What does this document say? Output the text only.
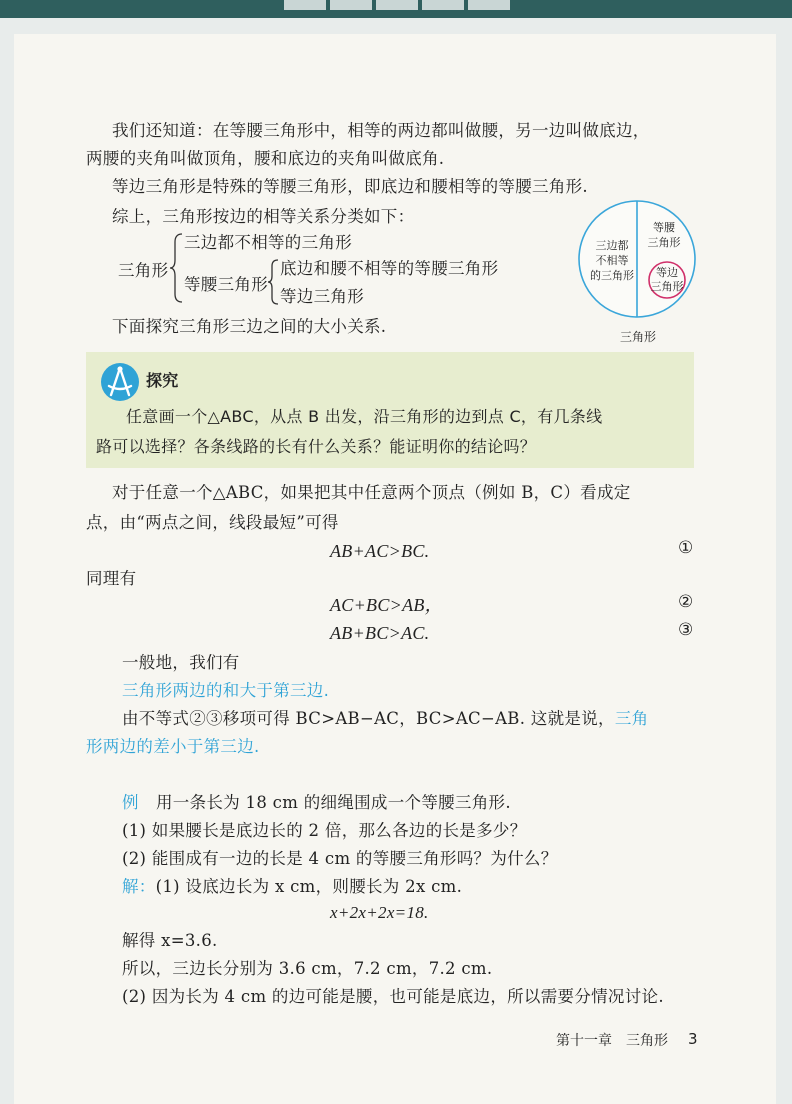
我们还知道：在等腰三角形中，相等的两边都叫做腰，另一边叫做底边，
两腰的夹角叫做顶角，腰和底边的夹角叫做底角.
等边三角形是特殊的等腰三角形，即底边和腰相等的等腰三角形.
综上，三角形按边的相等关系分类如下：
三角形
三边都不相等的三角形
等腰三角形
底边和腰不相等的等腰三角形
等边三角形
三边都
不相等
的三角形
等腰
三角形
等边
三角形
三角形
下面探究三角形三边之间的大小关系.
探究
任意画一个△ABC，从点 B 出发，沿三角形的边到点 C，有几条线
路可以选择？各条线路的长有什么关系？能证明你的结论吗？
对于任意一个△ABC，如果把其中任意两个顶点（例如 B，C）看成定
点，由“两点之间，线段最短”可得
AB+AC>BC.	①
同理有
AC+BC>AB，	②
AB+BC>AC.	③
一般地，我们有
三角形两边的和大于第三边.
由不等式②③移项可得 BC>AB−AC，BC>AC−AB. 这就是说，三角
形两边的差小于第三边.
例 用一条长为 18 cm 的细绳围成一个等腰三角形.
(1) 如果腰长是底边长的 2 倍，那么各边的长是多少？
(2) 能围成有一边的长是 4 cm 的等腰三角形吗？为什么？
解：(1) 设底边长为 x cm，则腰长为 2x cm.
x+2x+2x=18.
解得 x=3.6.
所以，三边长分别为 3.6 cm，7.2 cm，7.2 cm.
(2) 因为长为 4 cm 的边可能是腰，也可能是底边，所以需要分情况讨论.
第十一章　三角形 3
